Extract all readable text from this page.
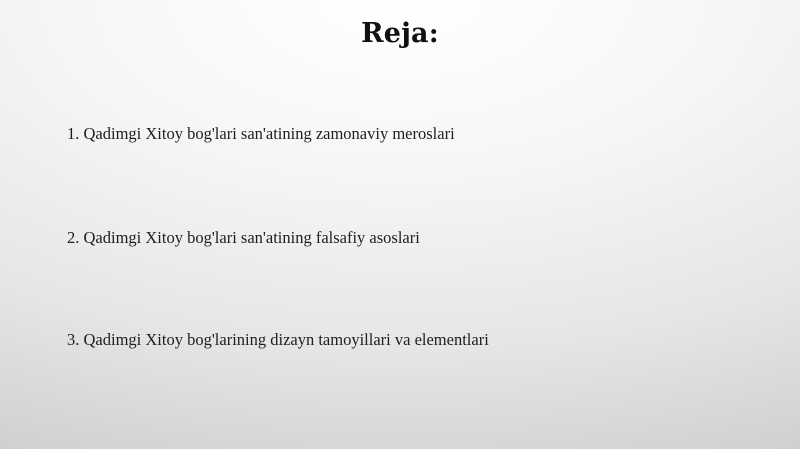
Reja:
1. Qadimgi Xitoy bog'lari san'atining zamonaviy meroslari
2. Qadimgi Xitoy bog'lari san'atining falsafiy asoslari
3. Qadimgi Xitoy bog'larining dizayn tamoyillari va elementlari
